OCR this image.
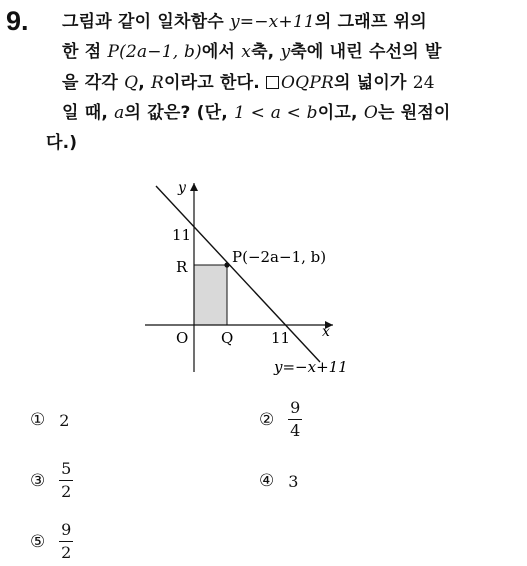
9. 그림과 같이 일차함수 y=−x+11의 그래프 위의
한 점 P(2a−1, b)에서 x축, y축에 내린 수선의 발
을 각각 Q, R이라고 한다. OQPR의 넓이가 24
일 때, a의 값은? (단, 1 < a < b이고, O는 원점이
다.)
y
x
11
R
P(−2a−1, b)
O Q	11
y=−x+11
① 2	② $\frac{9}{4}$
③ $\frac{5}{2}$	④ 3
⑤ $\frac{9}{2}$
